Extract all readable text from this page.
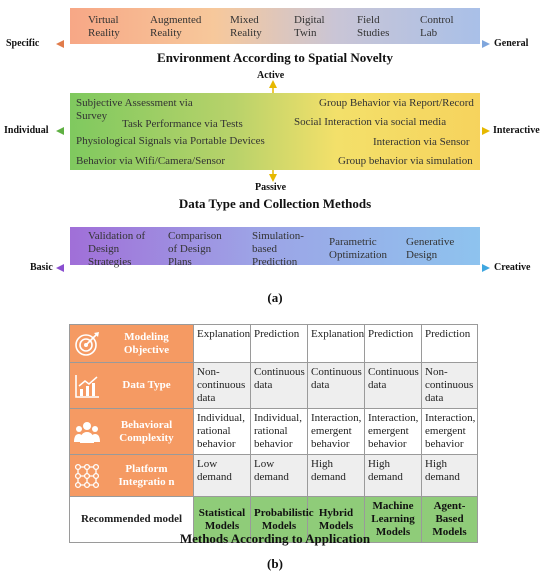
Virtual Reality
Augmented Reality
Mixed Reality
Digital Twin
Field Studies
Control Lab
Specific	General
Environment According to Spatial Novelty
Active
Passive
Individual	Interactive
Subjective Assessment via Survey
Task Performance via Tests
Physiological Signals via Portable Devices
Behavior via Wifi/Camera/Sensor
Group Behavior via Report/Record
Social Interaction via social media
Interaction via Sensor
Group behavior via simulation
Data Type and Collection Methods
Validation of Design Strategies
Comparison of Design Plans
Simulation-based Prediction
Parametric Optimization
Generative Design
Basic	Creative
(a)
Modeling Objective	Explanation	Prediction	Explanation	Prediction	Prediction

Data Type	Non-continuous data	Continuous data	Continuous data	Continuous data	Non-continuous data

Behavioral Complexity	Individual, rational behavior	Individual, rational behavior	Interaction, emergent behavior	Interaction, emergent behavior	Interaction, emergent behavior

Platform Integratio n	Low demand	Low demand	High demand	High demand	High demand
Recommended model	Statistical Models	Probabilistic Models	Hybrid Models	Machine Learning Models	Agent-Based Models
Methods According to Application
(b)
